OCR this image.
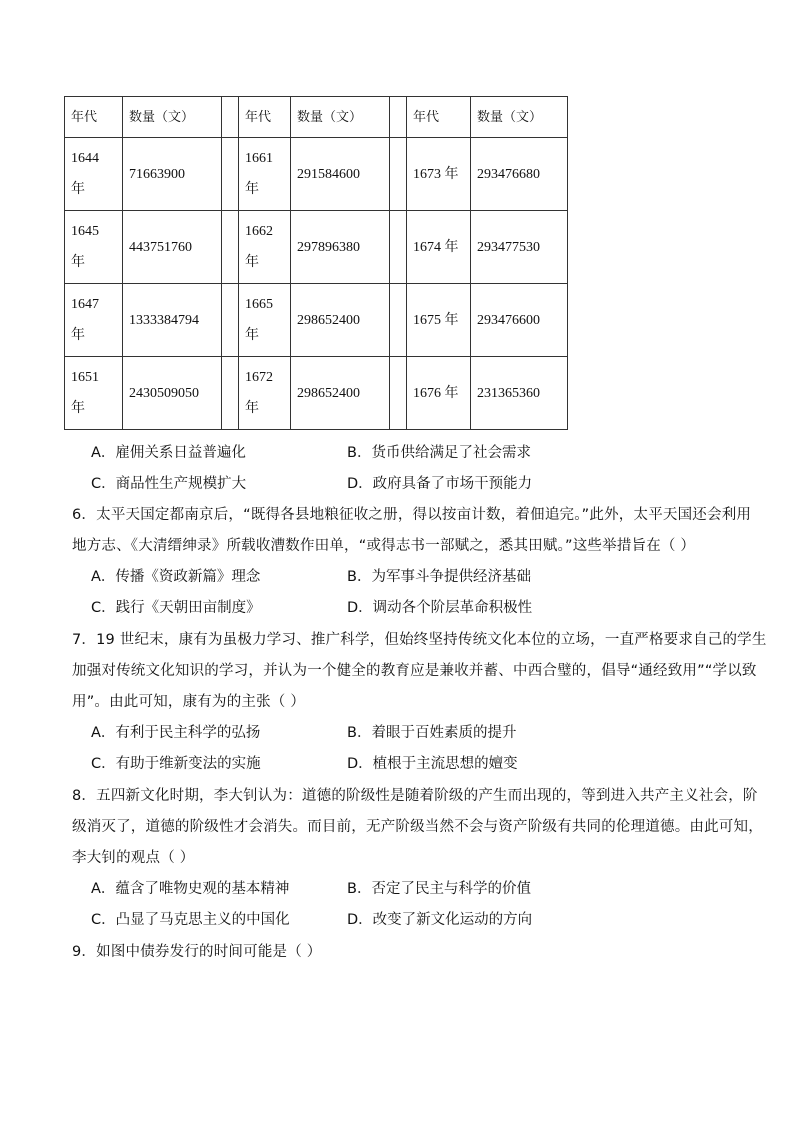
年代	数量（文）		年代	数量（文）		年代	数量（文）
1644 年	71663900		1661 年	291584600		1673 年	293476680
1645 年	443751760		1662 年	297896380		1674 年	293477530
1647 年	1333384794		1665 年	298652400		1675 年	293476600
1651 年	2430509050		1672 年	298652400		1676 年	231365360
A．雇佣关系日益普遍化	B．货币供给满足了社会需求
C．商品性生产规模扩大	D．政府具备了市场干预能力
6．太平天国定都南京后，“既得各县地粮征收之册，得以按亩计数，着佃追完。”此外，太平天国还会利用
地方志、《大清缙绅录》所载收漕数作田单，“或得志书一部赋之，悉其田赋。”这些举措旨在（ ）
A．传播《资政新篇》理念	B．为军事斗争提供经济基础
C．践行《天朝田亩制度》	D．调动各个阶层革命积极性
7．19 世纪末，康有为虽极力学习、推广科学，但始终坚持传统文化本位的立场，一直严格要求自己的学生
加强对传统文化知识的学习，并认为一个健全的教育应是兼收并蓄、中西合璧的，倡导“通经致用”“学以致
用”。由此可知，康有为的主张（ ）
A．有利于民主科学的弘扬	B．着眼于百姓素质的提升
C．有助于维新变法的实施	D．植根于主流思想的嬗变
8．五四新文化时期，李大钊认为：道德的阶级性是随着阶级的产生而出现的，等到进入共产主义社会，阶
级消灭了，道德的阶级性才会消失。而目前，无产阶级当然不会与资产阶级有共同的伦理道德。由此可知，
李大钊的观点（ ）
A．蕴含了唯物史观的基本精神	B．否定了民主与科学的价值
C．凸显了马克思主义的中国化	D．改变了新文化运动的方向
9．如图中债券发行的时间可能是（ ）
